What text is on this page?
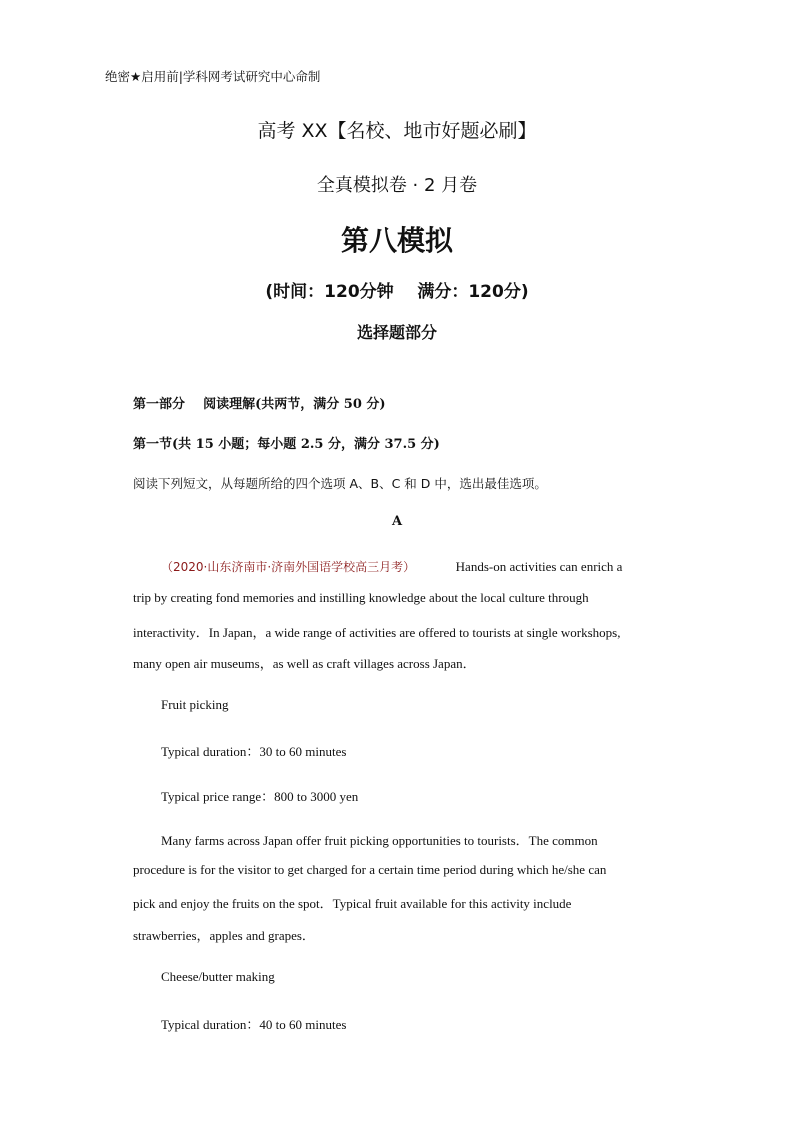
绝密★启用前|学科网考试研究中心命制
高考 XX【名校、地市好题必刷】
全真模拟卷 · 2 月卷
第八模拟
(时间：120分钟    满分：120分)
选择题部分
第一部分    阅读理解(共两节，满分 50 分)
第一节(共 15 小题；每小题 2.5 分，满分 37.5 分)
阅读下列短文，从每题所给的四个选项 A、B、C 和 D 中，选出最佳选项。
A
（2020·山东济南市·济南外国语学校高三月考）	Hands-on activities can enrich a
trip by creating fond memories and instilling knowledge about the local culture through
interactivity．In Japan，a wide range of activities are offered to tourists at single workshops,
many open air museums，as well as craft villages across Japan．
Fruit picking
Typical duration：30 to 60 minutes
Typical price range：800 to 3000 yen
Many farms across Japan offer fruit picking opportunities to tourists．The common
procedure is for the visitor to get charged for a certain time period during which he/she can
pick and enjoy the fruits on the spot．Typical fruit available for this activity include
strawberries，apples and grapes．
Cheese/butter making
Typical duration：40 to 60 minutes
